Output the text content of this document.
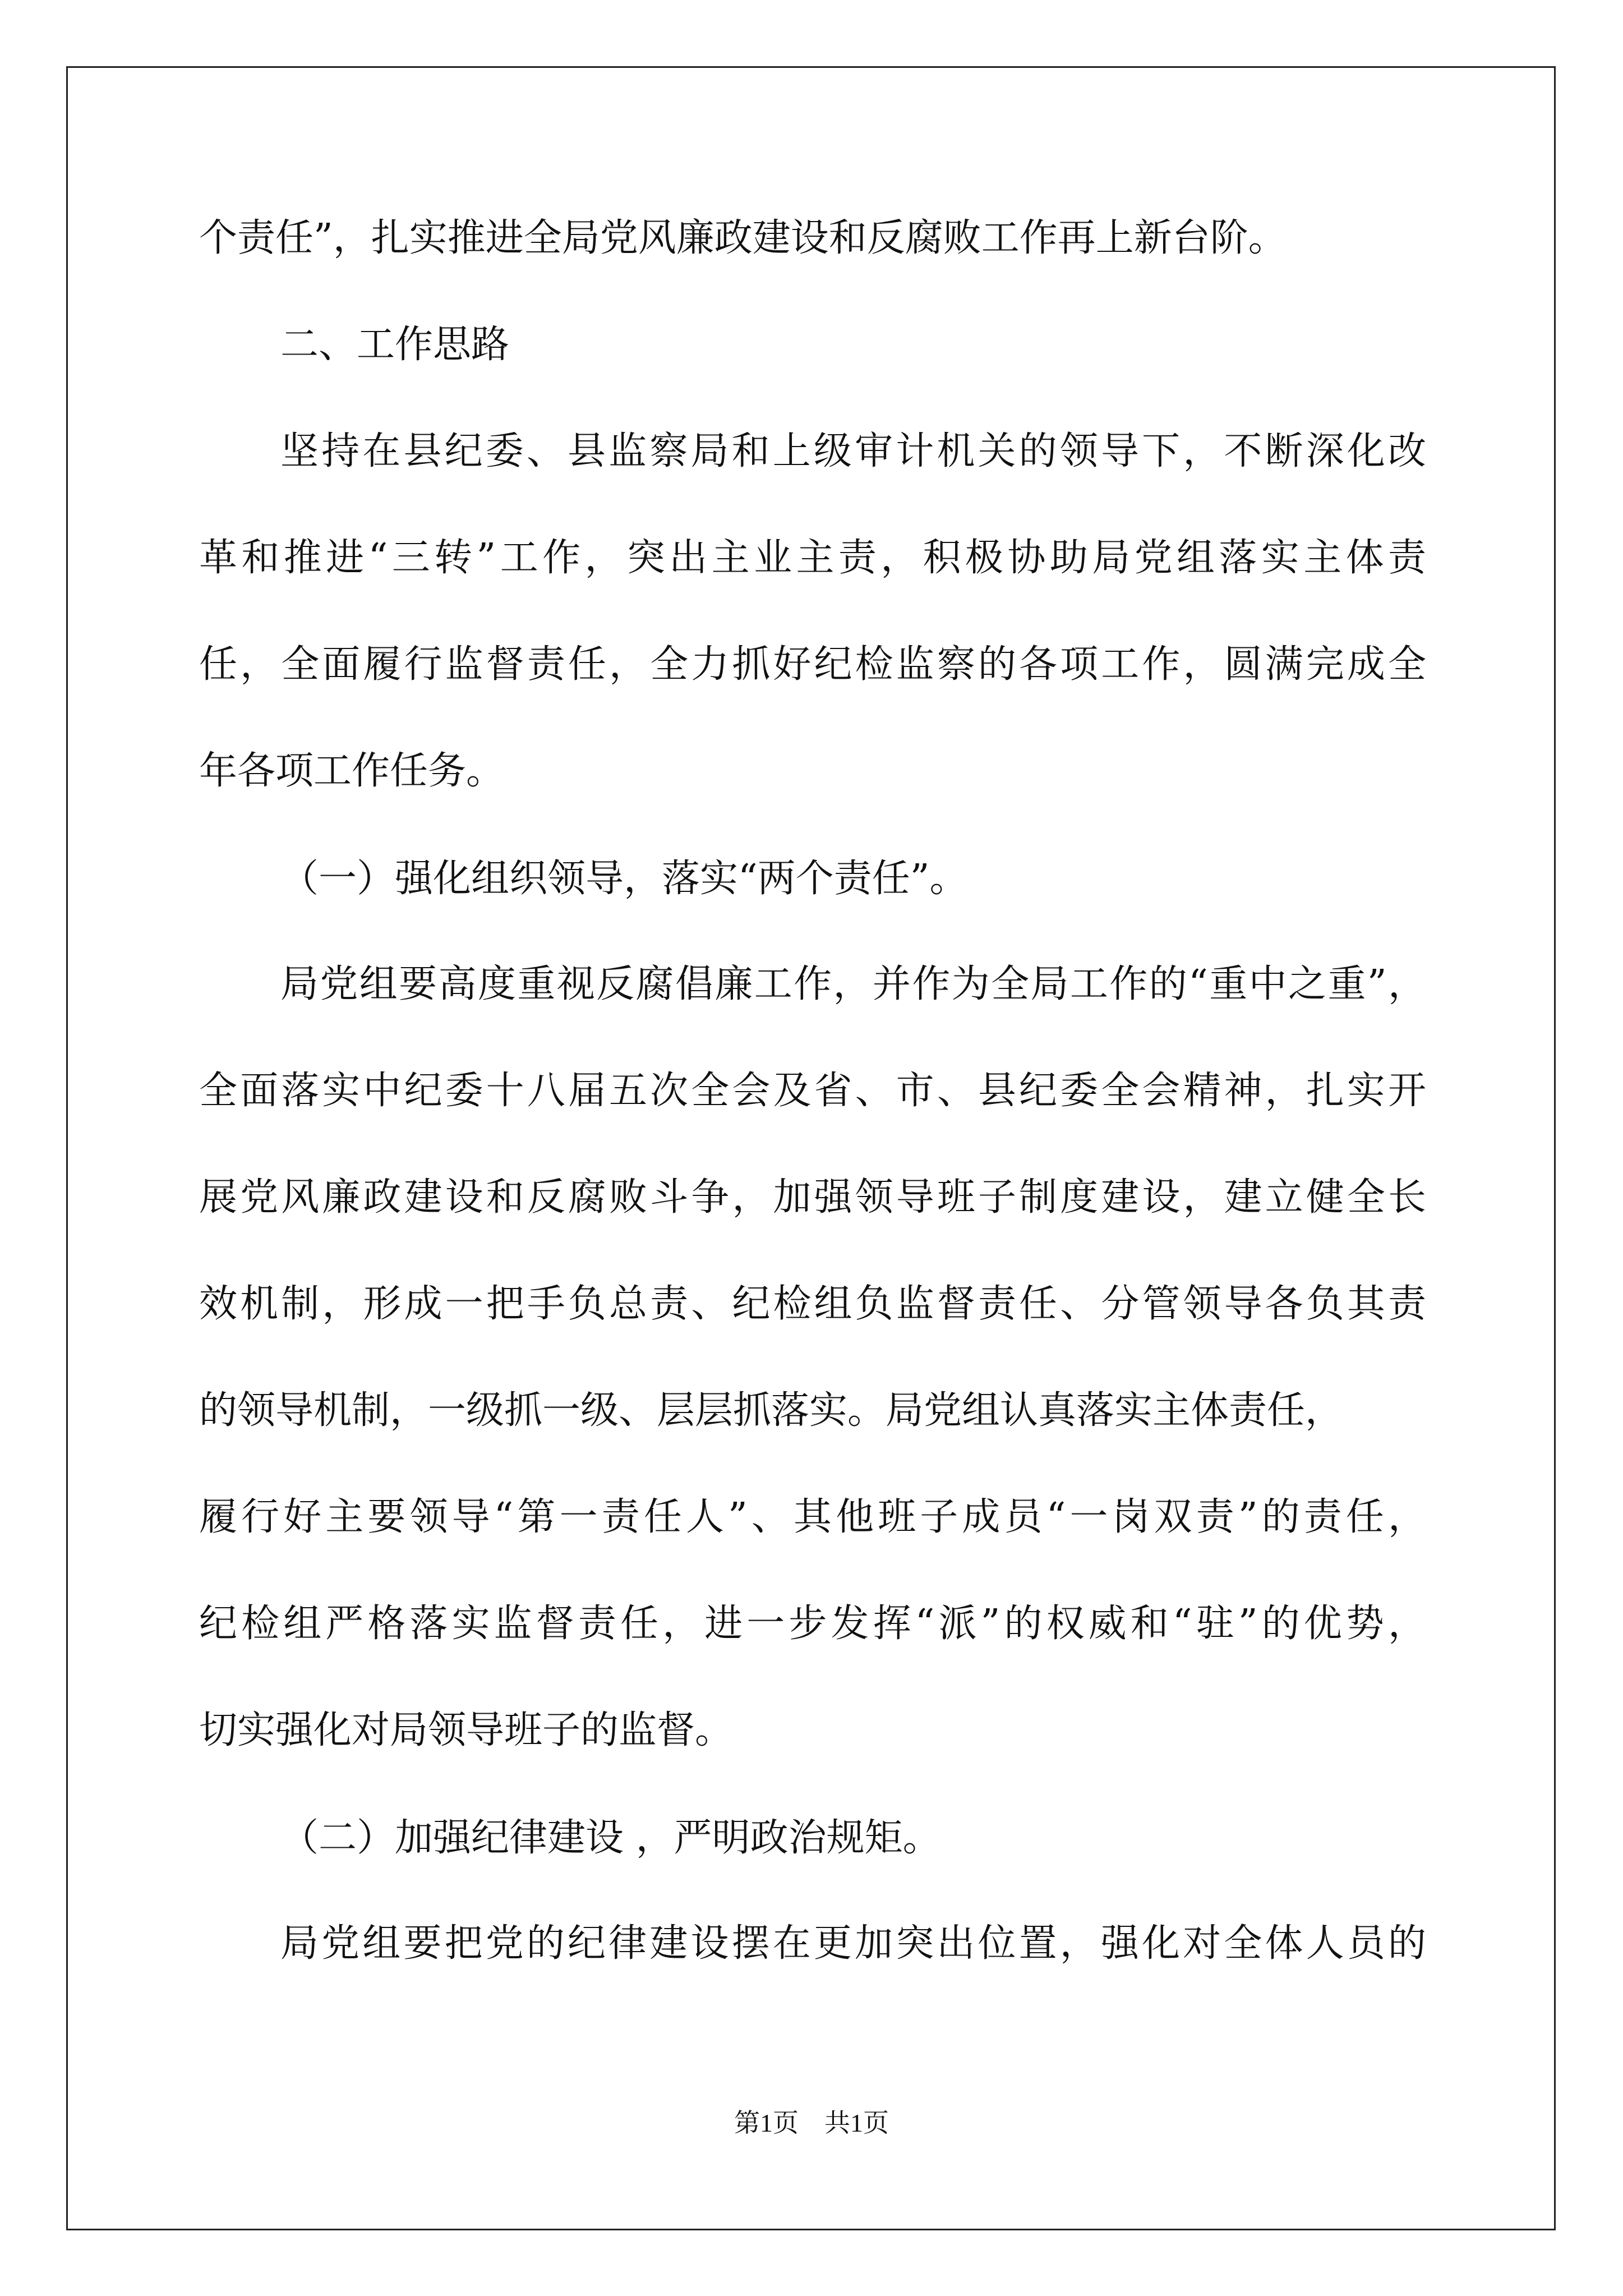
个责任”，扎实推进全局党风廉政建设和反腐败工作再上新台阶。
二、工作思路
坚持在县纪委、县监察局和上级审计机关的领导下，不断深化改
革和推进“三转”工作，突出主业主责，积极协助局党组落实主体责
任，全面履行监督责任，全力抓好纪检监察的各项工作，圆满完成全
年各项工作任务。
（一）强化组织领导，落实“两个责任”。
局党组要高度重视反腐倡廉工作，并作为全局工作的“重中之重”，
全面落实中纪委十八届五次全会及省、市、县纪委全会精神，扎实开
展党风廉政建设和反腐败斗争，加强领导班子制度建设，建立健全长
效机制，形成一把手负总责、纪检组负监督责任、分管领导各负其责
的领导机制，一级抓一级、层层抓落实。局党组认真落实主体责任，
履行好主要领导“第一责任人”、其他班子成员“一岗双责”的责任，
纪检组严格落实监督责任，进一步发挥“派”的权威和“驻”的优势，
切实强化对局领导班子的监督。
（二）加强纪律建设 ，严明政治规矩。
局党组要把党的纪律建设摆在更加突出位置，强化对全体人员的
第1页　共1页
